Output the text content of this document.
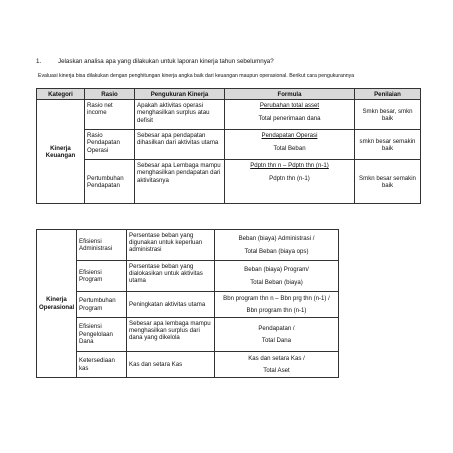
1.	Jelaskan analisa apa yang dilakukan untuk laporan kinerja tahun sebelumnya?
Evaluasi kinerja bisa dilakukan dengan penghitungan kinerja angka baik dari keuangan maupun operasional. Berikut cara pengukurannya
Kategori	Rasio	Pengukuran Kinerja	Formula	Penilaian
Kinerja Keuangan	Rasio net income	Apakah aktivitas operasi menghasilkan surplus atau defisit	Perubahan total asset
Total penerimaan dana	Smkn besar, smkn baik
	Rasio Pendapatan Operasi	Sebesar apa pendapatan dihasilkan dari aktivitas utama	Pendapatan Operasi
Total Beban	smkn besar semakin baik
	Pertumbuhan Pendapatan	Sebesar apa Lembaga mampu menghasilkan pendapatan dari aktivitasnya	Pdptn thn n – Pdptn thn (n-1)
Pdptn thn (n-1)	Smkn besar semakin baik
Kinerja Operasional	Efisiensi Administrasi	Persentase beban yang digunakan untuk keperluan administrasi	Beban (biaya) Administrasi /
Total Beban (biaya ops)

	Efisiensi Program	Persentase beban yang dialokasikan untuk aktivitas utama	Beban (biaya) Program/
Total Beban (biaya)

	Pertumbuhan Program	Peningkatan aktivitas utama	Bbn program thn n – Bbn prg thn (n-1) /
Bbn program thn (n-1)

	Efisiensi Pengelolaan Dana	Sebesar apa lembaga mampu menghasilkan surplus dari dana yang dikelola	Pendapatan /
Total Dana

	Ketersediaan kas	Kas dan setara Kas	Kas dan setara Kas /
Total Aset
